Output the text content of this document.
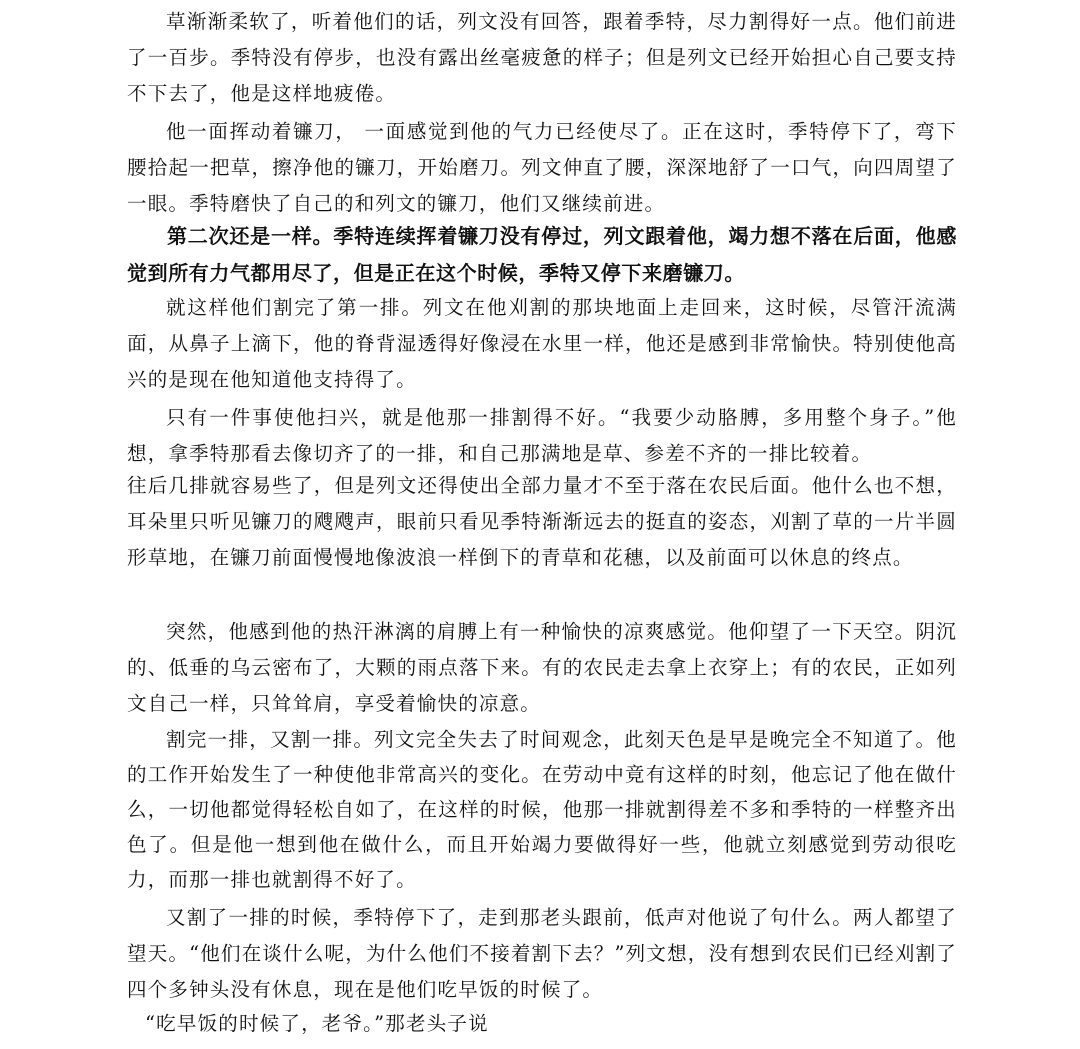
草渐渐柔软了，听着他们的话，列文没有回答，跟着季特，尽力割得好一点。他们前进了一百步。季特没有停步，也没有露出丝毫疲惫的样子；但是列文已经开始担心自己要支持不下去了，他是这样地疲倦。

他一面挥动着镰刀， 一面感觉到他的气力已经使尽了。正在这时，季特停下了，弯下腰拾起一把草，擦净他的镰刀，开始磨刀。列文伸直了腰，深深地舒了一口气，向四周望了一眼。季特磨快了自己的和列文的镰刀，他们又继续前进。

第二次还是一样。季特连续挥着镰刀没有停过，列文跟着他，竭力想不落在后面，他感觉到所有力气都用尽了，但是正在这个时候，季特又停下来磨镰刀。

就这样他们割完了第一排。列文在他刈割的那块地面上走回来，这时候，尽管汗流满面，从鼻子上滴下，他的脊背湿透得好像浸在水里一样，他还是感到非常愉快。特别使他高兴的是现在他知道他支持得了。

只有一件事使他扫兴，就是他那一排割得不好。“我要少动胳膊，多用整个身子。”他想，拿季特那看去像切齐了的一排，和自己那满地是草、参差不齐的一排比较着。

往后几排就容易些了，但是列文还得使出全部力量才不至于落在农民后面。他什么也不想，耳朵里只听见镰刀的飕飕声，眼前只看见季特渐渐远去的挺直的姿态，刈割了草的一片半圆形草地，在镰刀前面慢慢地像波浪一样倒下的青草和花穗，以及前面可以休息的终点。

突然，他感到他的热汗淋漓的肩膊上有一种愉快的凉爽感觉。他仰望了一下天空。阴沉的、低垂的乌云密布了，大颗的雨点落下来。有的农民走去拿上衣穿上；有的农民，正如列文自己一样，只耸耸肩，享受着愉快的凉意。

割完一排，又割一排。列文完全失去了时间观念，此刻天色是早是晚完全不知道了。他的工作开始发生了一种使他非常高兴的变化。在劳动中竟有这样的时刻，他忘记了他在做什么，一切他都觉得轻松自如了，在这样的时候，他那一排就割得差不多和季特的一样整齐出色了。但是他一想到他在做什么，而且开始竭力要做得好一些，他就立刻感觉到劳动很吃力，而那一排也就割得不好了。

又割了一排的时候，季特停下了，走到那老头跟前，低声对他说了句什么。两人都望了望天。“他们在谈什么呢，为什么他们不接着割下去？”列文想，没有想到农民们已经刈割了四个多钟头没有休息，现在是他们吃早饭的时候了。

“吃早饭的时候了，老爷。”那老头子说
